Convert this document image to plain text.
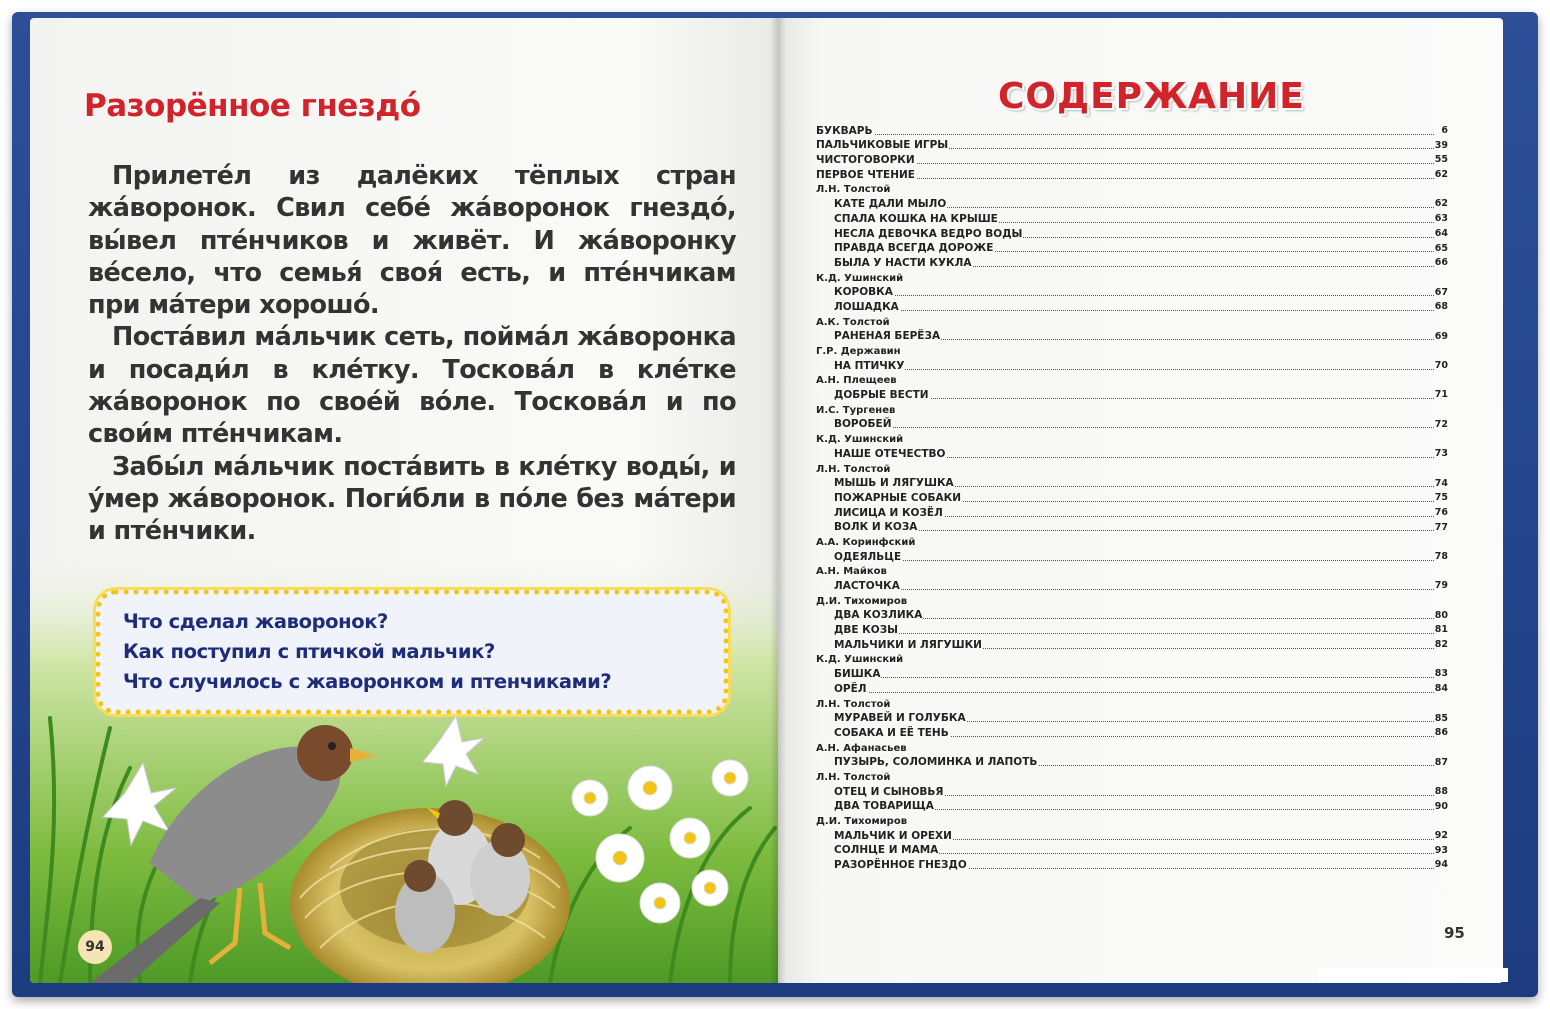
Разорённое гнездо́

Прилете́л из далёких тёплых стран жа́воронок. Свил себе́ жа́воронок гнездо́, вы́вел пте́нчиков и живёт. И жа́воронку ве́село, что семья́ своя́ есть, и пте́нчикам при ма́тери хорошо́.

Поста́вил ма́льчик сеть, пойма́л жа́воронка и посади́л в кле́тку. Тоскова́л в кле́тке жа́воронок по свое́й во́ле. Тоскова́л и по свои́м пте́нчикам.

Забы́л ма́льчик поста́вить в кле́тку воды́, и у́мер жа́воронок. Поги́бли в по́ле без ма́тери и пте́нчики.

Что сделал жаворонок?
Как поступил с птичкой мальчик?
Что случилось с жаворонком и птенчиками?
94
СОДЕРЖАНИЕ
БУКВАРЬ	6
ПАЛЬЧИКОВЫЕ ИГРЫ	39
ЧИСТОГОВОРКИ	55
ПЕРВОЕ ЧТЕНИЕ	62
Л.Н. Толстой
КАТЕ ДАЛИ МЫЛО	62
СПАЛА КОШКА НА КРЫШЕ	63
НЕСЛА ДЕВОЧКА ВЕДРО ВОДЫ	64
ПРАВДА ВСЕГДА ДОРОЖЕ	65
БЫЛА У НАСТИ КУКЛА	66
К.Д. Ушинский
КОРОВКА	67
ЛОШАДКА	68
А.К. Толстой
РАНЕНАЯ БЕРЁЗА	69
Г.Р. Державин
НА ПТИЧКУ	70
А.Н. Плещеев
ДОБРЫЕ ВЕСТИ	71
И.С. Тургенев
ВОРОБЕЙ	72
К.Д. Ушинский
НАШЕ ОТЕЧЕСТВО	73
Л.Н. Толстой
МЫШЬ И ЛЯГУШКА	74
ПОЖАРНЫЕ СОБАКИ	75
ЛИСИЦА И КОЗЁЛ	76
ВОЛК И КОЗА	77
А.А. Коринфский
ОДЕЯЛЬЦЕ	78
А.Н. Майков
ЛАСТОЧКА	79
Д.И. Тихомиров
ДВА КОЗЛИКА	80
ДВЕ КОЗЫ	81
МАЛЬЧИКИ И ЛЯГУШКИ	82
К.Д. Ушинский
БИШКА	83
ОРЁЛ	84
Л.Н. Толстой
МУРАВЕЙ И ГОЛУБКА	85
СОБАКА И ЕЁ ТЕНЬ	86
А.Н. Афанасьев
ПУЗЫРЬ, СОЛОМИНКА И ЛАПОТЬ	87
Л.Н. Толстой
ОТЕЦ И СЫНОВЬЯ	88
ДВА ТОВАРИЩА	90
Д.И. Тихомиров
МАЛЬЧИК И ОРЕХИ	92
СОЛНЦЕ И МАМА	93
РАЗОРЁННОЕ ГНЕЗДО	94
95
